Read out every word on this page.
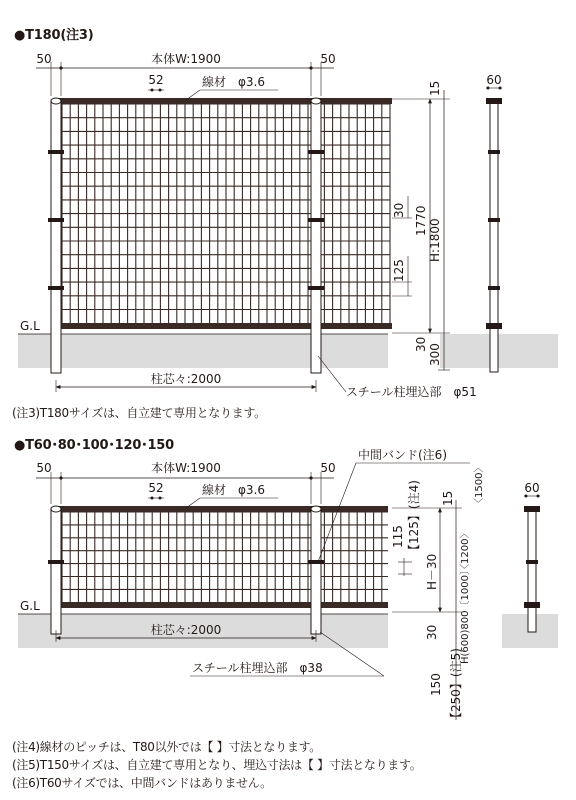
●T180(注3)
●T60･80･100･120･150
(注3)T180サイズは、自立建て専用となります。
(注4)線材のピッチは、T80以外では【 】寸法となります。
(注5)T150サイズは、自立建て専用となり、埋込寸法は【 】寸法となります。
(注6)T60サイズでは、中間バンドはありません。
50	本体W:1900	50
52	線材　φ3.6	15
30 1770 H:1800
125
30 300
G.L
柱芯々:2000
スチール柱埋込部　φ51
60
50	本体W:1900	50
52	線材　φ3.6
中間バンド(注6)
15 〈1500〉
115 【125】(注4)
H－30 〈1200〉
H(600)800〔1000〕
30
150 【250】(注5)
G.L
柱芯々:2000
スチール柱埋込部　φ38
60
